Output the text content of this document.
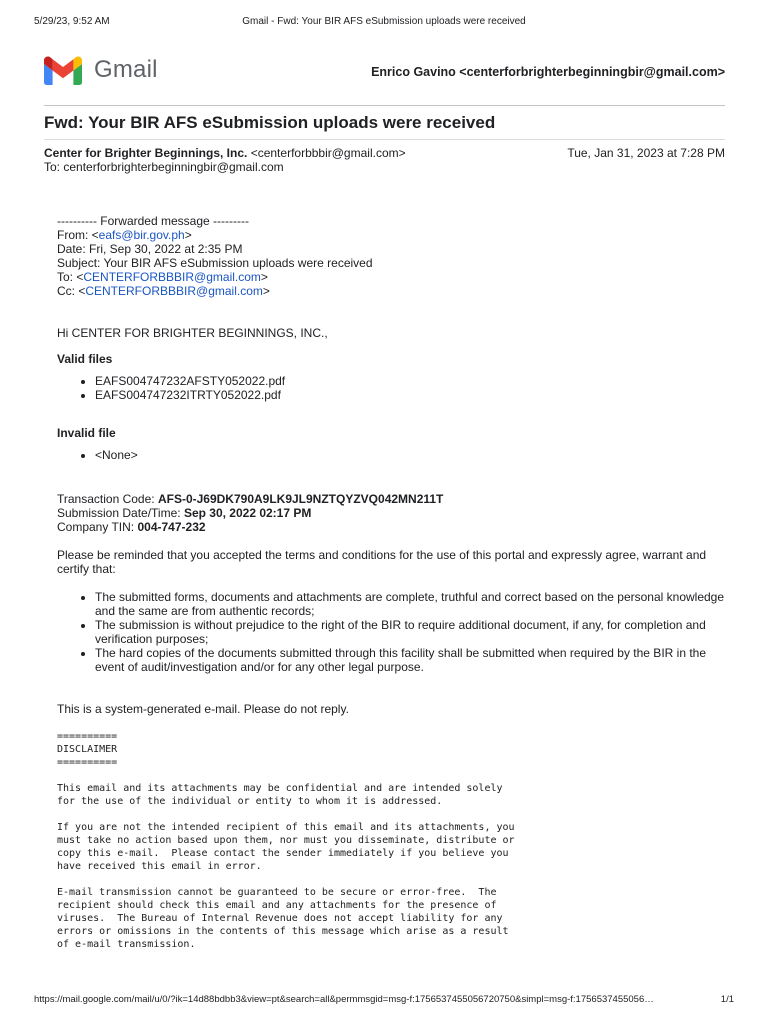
5/29/23, 9:52 AM	Gmail - Fwd: Your BIR AFS eSubmission uploads were received
Gmail	Enrico Gavino <centerforbrighterbeginningbir@gmail.com>
Fwd: Your BIR AFS eSubmission uploads were received
Center for Brighter Beginnings, Inc. <centerforbbbir@gmail.com>	Tue, Jan 31, 2023 at 7:28 PM
To: centerforbrighterbeginningbir@gmail.com
---------- Forwarded message ---------
From: <eafs@bir.gov.ph>
Date: Fri, Sep 30, 2022 at 2:35 PM
Subject: Your BIR AFS eSubmission uploads were received
To: <CENTERFORBBBIR@gmail.com>
Cc: <CENTERFORBBBIR@gmail.com>

Hi CENTER FOR BRIGHTER BEGINNINGS, INC.,

Valid files

• EAFS004747232AFSTY052022.pdf
• EAFS004747232ITRTY052022.pdf

Invalid file

• <None>

Transaction Code: AFS-0-J69DK790A9LK9JL9NZTQYZVQ042MN211T

Submission Date/Time: Sep 30, 2022 02:17 PM

Company TIN: 004-747-232

Please be reminded that you accepted the terms and conditions for the use of this portal and expressly agree, warrant and certify that:

• The submitted forms, documents and attachments are complete, truthful and correct based on the personal knowledge and the same are from authentic records;
• The submission is without prejudice to the right of the BIR to require additional document, if any, for completion and verification purposes;
• The hard copies of the documents submitted through this facility shall be submitted when required by the BIR in the event of audit/investigation and/or for any other legal purpose.

This is a system-generated e-mail. Please do not reply.

==========
DISCLAIMER
==========
This email and its attachments may be confidential and are intended solely
for the use of the individual or entity to whom it is addressed.
If you are not the intended recipient of this email and its attachments, you
must take no action based upon them, nor must you disseminate, distribute or
copy this e-mail.  Please contact the sender immediately if you believe you
have received this email in error.
E-mail transmission cannot be guaranteed to be secure or error-free.  The
recipient should check this email and any attachments for the presence of
viruses.  The Bureau of Internal Revenue does not accept liability for any
errors or omissions in the contents of this message which arise as a result
of e-mail transmission.
https://mail.google.com/mail/u/0/?ik=14d88bdbb3&view=pt&search=all&permmsgid=msg-f:1756537455056720750&simpl=msg-f:1756537455056…	1/1
